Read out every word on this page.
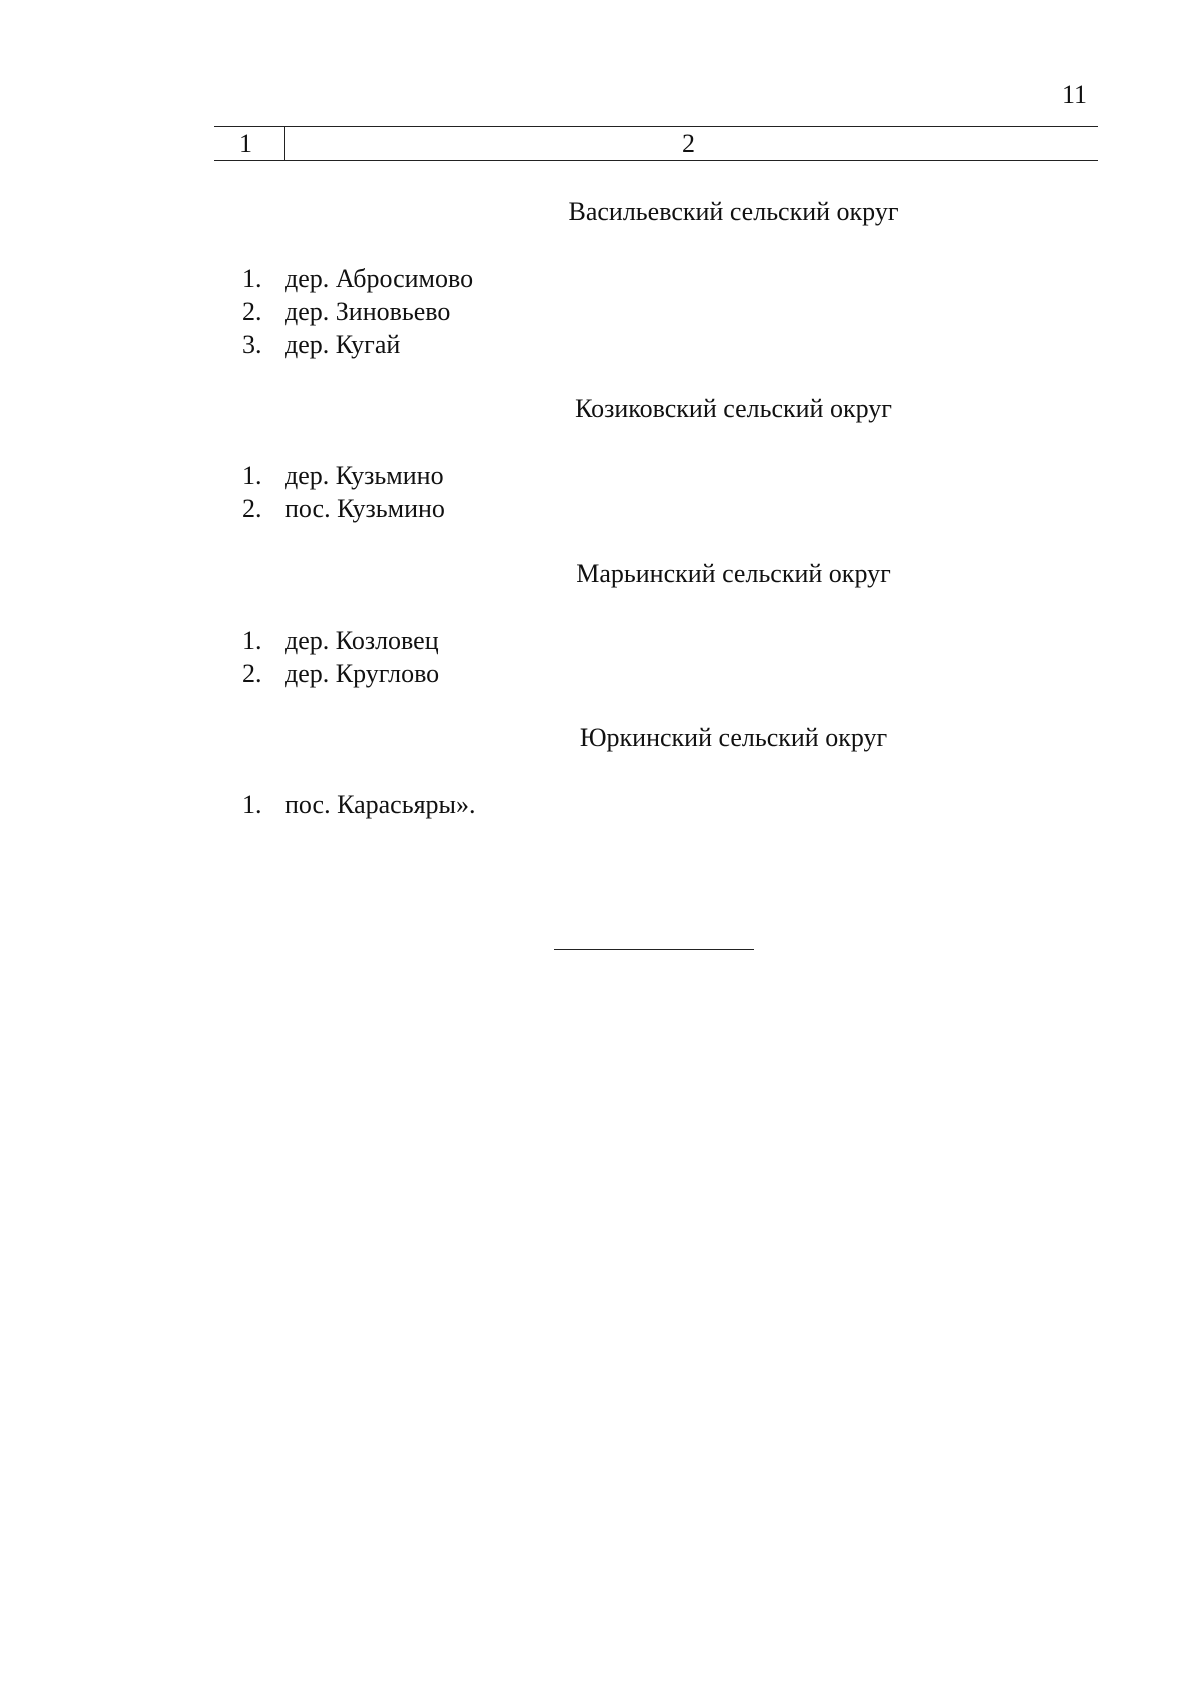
11
1	2
Васильевский сельский округ
1. дер. Абросимово
2. дер. Зиновьево
3. дер. Кугай
Козиковский сельский округ
1. дер. Кузьмино
2. пос. Кузьмино
Марьинский сельский округ
1. дер. Козловец
2. дер. Круглово
Юркинский сельский округ
1. пос. Карасьяры».
